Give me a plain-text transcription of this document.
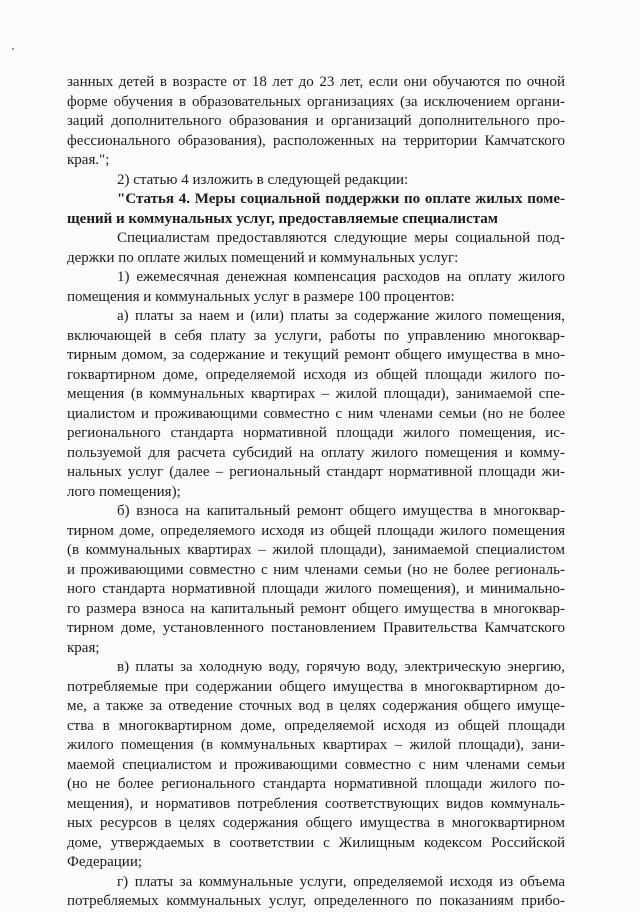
занных детей в возрасте от 18 лет до 23 лет, если они обучаются по очной
форме обучения в образовательных организациях (за исключением органи-
заций дополнительного образования и организаций дополнительного про-
фессионального образования), расположенных на территории Камчатского
края.";
2) статью 4 изложить в следующей редакции:
"Статья 4. Меры социальной поддержки по оплате жилых поме-
щений и коммунальных услуг, предоставляемые специалистам
Специалистам предоставляются следующие меры социальной под-
держки по оплате жилых помещений и коммунальных услуг:
1) ежемесячная денежная компенсация расходов на оплату жилого
помещения и коммунальных услуг в размере 100 процентов:
а) платы за наем и (или) платы за содержание жилого помещения,
включающей в себя плату за услуги, работы по управлению многоквар-
тирным домом, за содержание и текущий ремонт общего имущества в мно-
гоквартирном доме, определяемой исходя из общей площади жилого по-
мещения (в коммунальных квартирах – жилой площади), занимаемой спе-
циалистом и проживающими совместно с ним членами семьи (но не более
регионального стандарта нормативной площади жилого помещения, ис-
пользуемой для расчета субсидий на оплату жилого помещения и комму-
нальных услуг (далее – региональный стандарт нормативной площади жи-
лого помещения);
б) взноса на капитальный ремонт общего имущества в многоквар-
тирном доме, определяемого исходя из общей площади жилого помещения
(в коммунальных квартирах – жилой площади), занимаемой специалистом
и проживающими совместно с ним членами семьи (но не более региональ-
ного стандарта нормативной площади жилого помещения), и минимально-
го размера взноса на капитальный ремонт общего имущества в многоквар-
тирном доме, установленного постановлением Правительства Камчатского
края;
в) платы за холодную воду, горячую воду, электрическую энергию,
потребляемые при содержании общего имущества в многоквартирном до-
ме, а также за отведение сточных вод в целях содержания общего имуще-
ства в многоквартирном доме, определяемой исходя из общей площади
жилого помещения (в коммунальных квартирах – жилой площади), зани-
маемой специалистом и проживающими совместно с ним членами семьи
(но не более регионального стандарта нормативной площади жилого по-
мещения), и нормативов потребления соответствующих видов коммуналь-
ных ресурсов в целях содержания общего имущества в многоквартирном
доме, утверждаемых в соответствии с Жилищным кодексом Российской
Федерации;
г) платы за коммунальные услуги, определяемой исходя из объема
потребляемых коммунальных услуг, определенного по показаниям прибо-
